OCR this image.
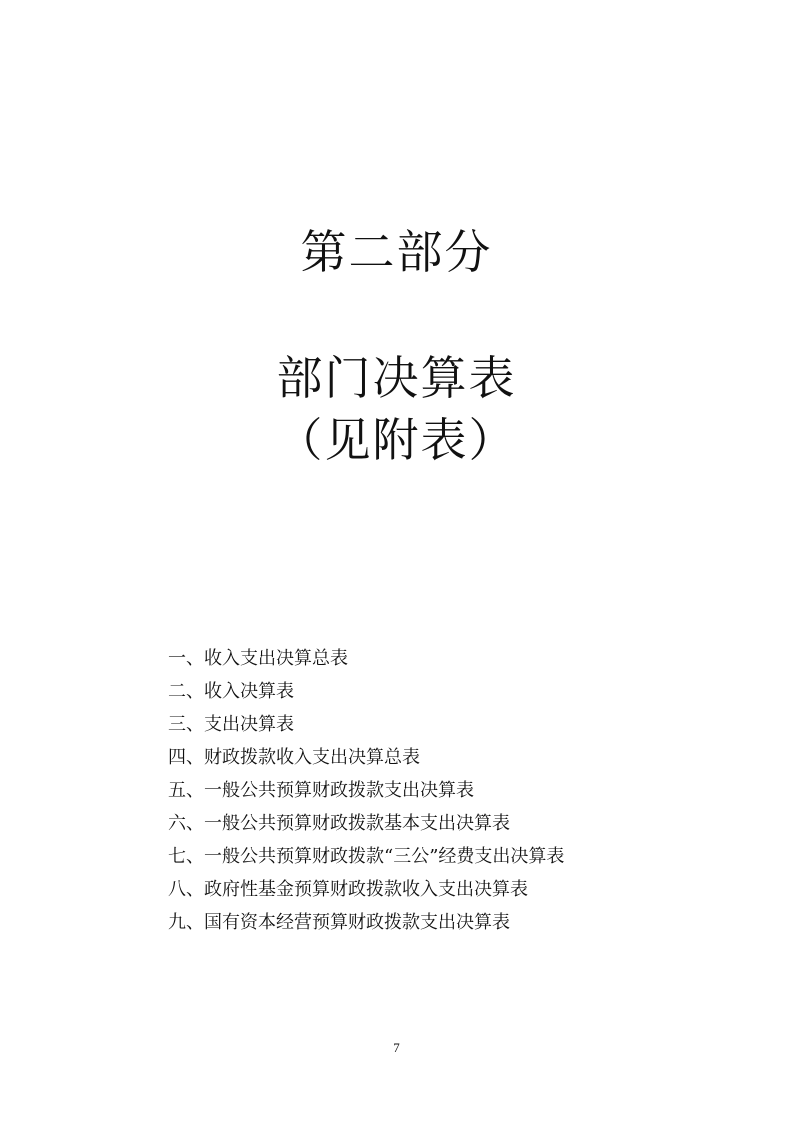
第二部分
部门决算表
（见附表）
一、收入支出决算总表
二、收入决算表
三、支出决算表
四、财政拨款收入支出决算总表
五、一般公共预算财政拨款支出决算表
六、一般公共预算财政拨款基本支出决算表
七、一般公共预算财政拨款“三公”经费支出决算表
八、政府性基金预算财政拨款收入支出决算表
九、国有资本经营预算财政拨款支出决算表
7
